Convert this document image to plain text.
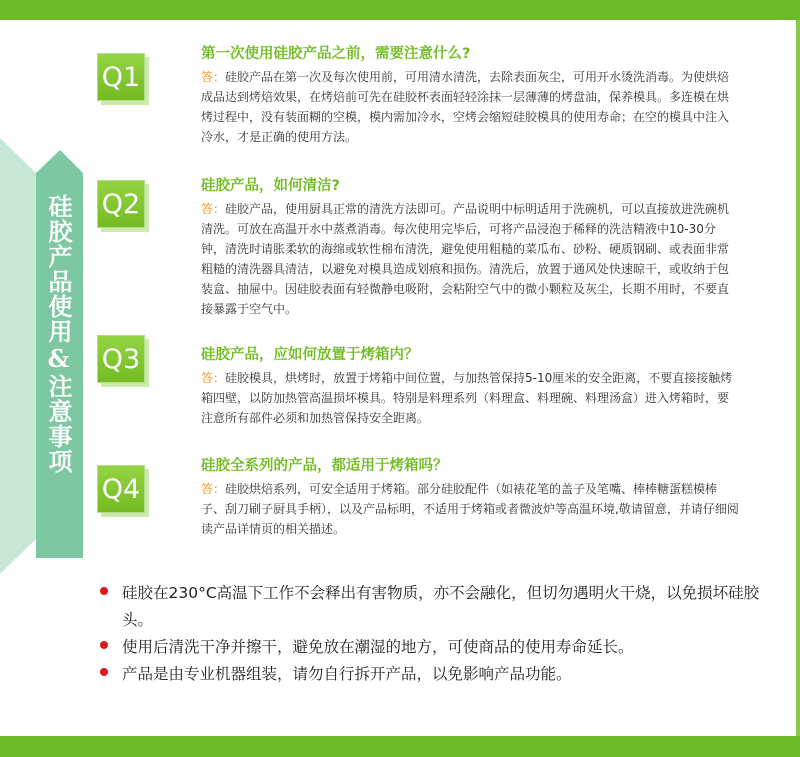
硅胶产品使用&注意事项
Q1
第一次使用硅胶产品之前，需要注意什么?
答：硅胶产品在第一次及每次使用前，可用清水清洗，去除表面灰尘，可用开水烫洗消毒。为使烘焙成品达到烤焙效果，在烤焙前可先在硅胶杯表面轻轻涂抹一层薄薄的烤盘油，保养模具。多连模在烘烤过程中，没有装面糊的空模，模内需加冷水，空烤会缩短硅胶模具的使用寿命；在空的模具中注入冷水，才是正确的使用方法。
Q2
硅胶产品，如何清洁?
答：硅胶产品，使用厨具正常的清洗方法即可。产品说明中标明适用于洗碗机，可以直接放进洗碗机清洗。可放在高温开水中蒸煮消毒。每次使用完毕后，可将产品浸泡于稀释的洗洁精液中10-30分钟，清洗时请胀柔软的海绵或软性棉布清洗，避免使用粗糙的菜瓜布、砂粉、硬质钢刷、或表面非常粗糙的清洗器具清洁，以避免对模具造成划痕和损伤。清洗后，放置于通风处快速晾干，或收纳于包装盒、抽屉中。因硅胶表面有轻微静电吸附，会粘附空气中的微小颗粒及灰尘，长期不用时，不要直接暴露于空气中。
Q3	硅胶产品，应如何放置于烤箱内？
答：硅胶模具，烘烤时，放置于烤箱中间位置，与加热管保持5-10厘米的安全距离，不要直接接触烤箱四壁，以防加热管高温损坏模具。特别是料理系列（料理盒、料理碗、料理汤盒）进入烤箱时，要注意所有部件必须和加热管保持安全距离。
Q4
硅胶全系列的产品，都适用于烤箱吗？
答：硅胶烘焙系列，可安全适用于烤箱。部分硅胶配件（如裱花笔的盖子及笔嘴、棒棒糖蛋糕模棒子、刮刀刷子厨具手柄），以及产品标明，不适用于烤箱或者微波炉等高温环境,敬请留意，并请仔细阅读产品详情页的相关描述。
硅胶在230°C高温下工作不会释出有害物质，亦不会融化，但切勿遇明火干烧，以免损坏硅胶头。
使用后清洗干净并擦干，避免放在潮湿的地方，可使商品的使用寿命延长。
产品是由专业机器组装，请勿自行拆开产品，以免影响产品功能。
